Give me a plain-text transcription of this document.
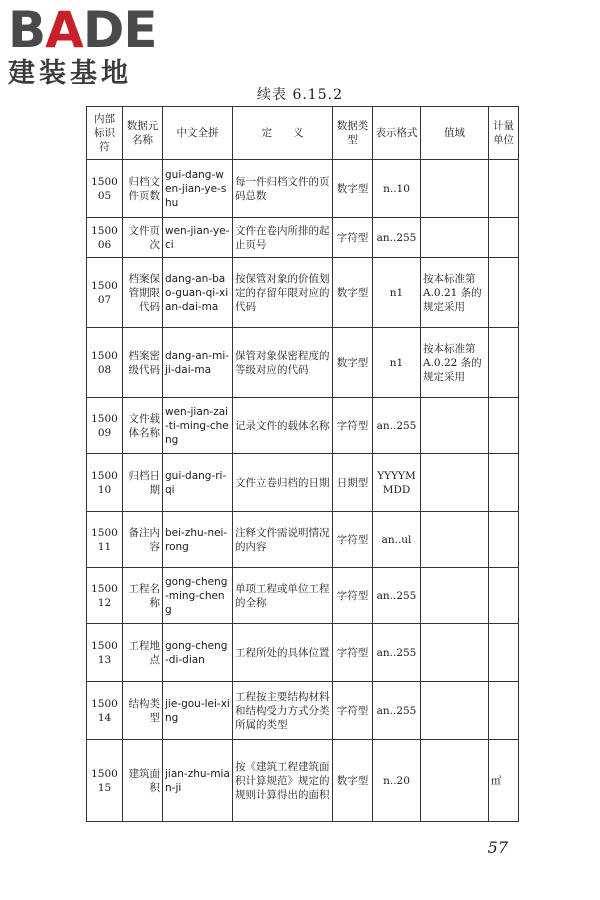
BADE
建装基地
续表 6.15.2
内部标识符	数据元名称	中文全拼	定　　义	数据类型	表示格式	值域	计量单位
150005	归档文件页数	gui-dang-wen-jian-ye-shu	每一件归档文件的页码总数	数字型	n..10		
150006	文件页次	wen-jian-ye-ci	文件在卷内所排的起止页号	字符型	an..255		
150007	档案保管期限代码	dang-an-bao-guan-qi-xian-dai-ma	按保管对象的价值划定的存留年限对应的代码	数字型	n1	按本标准第 A.0.21 条的规定采用	
150008	档案密级代码	dang-an-mi-ji-dai-ma	保管对象保密程度的等级对应的代码	数字型	n1	按本标准第 A.0.22 条的规定采用	
150009	文件载体名称	wen-jian-zai-ti-ming-cheng	记录文件的载体名称	字符型	an..255		
150010	归档日期	gui-dang-ri-qi	文件立卷归档的日期	日期型	YYYYMMDD		
150011	备注内容	bei-zhu-nei-rong	注释文件需说明情况的内容	字符型	an..ul		
150012	工程名称	gong-cheng-ming-cheng	单项工程或单位工程的全称	字符型	an..255		
150013	工程地点	gong-cheng-di-dian	工程所处的具体位置	字符型	an..255		
150014	结构类型	jie-gou-lei-xing	工程按主要结构材料和结构受力方式分类所属的类型	字符型	an..255		
150015	建筑面积	jian-zhu-mian-ji	按《建筑工程建筑面积计算规范》规定的规则计算得出的面积	数字型	n..20		㎡
57
